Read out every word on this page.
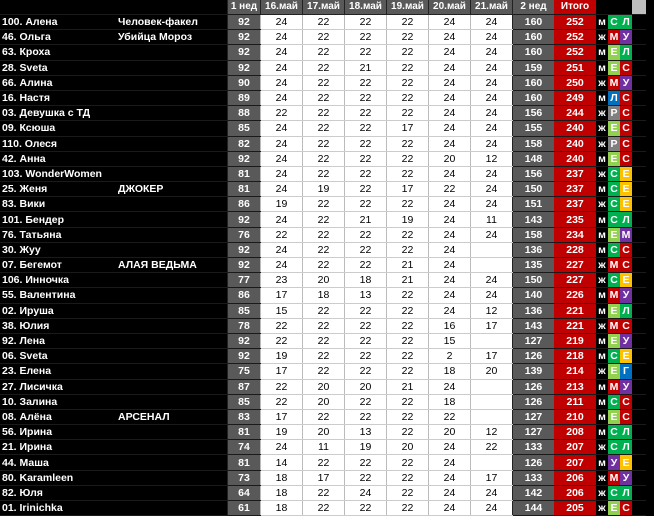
		1 нед	16.май	17.май	18.май	19.май	20.май	21.май	2 нед	Итого				
100. Алена	Человек-факел	92	24	22	22	22	24	24	160	252	м	С	Л	
46. Ольга	Убийца Мороз	92	24	22	22	22	24	24	160	252	ж	М	У	
63. Кроха		92	24	22	22	22	24	24	160	252	м	Е	Л	
28. Sveta		92	24	22	21	22	24	24	159	251	м	Е	С	
66. Алина		90	24	22	22	22	24	24	160	250	ж	М	У	
16. Настя		89	24	22	22	22	24	24	160	249	м	Л	С	
03. Девушка с ТД		88	22	22	22	22	24	24	156	244	ж	Р	С	
09. Ксюша		85	24	22	22	17	24	24	155	240	ж	Е	С	
110. Олеся		82	24	22	22	22	24	24	158	240	ж	Р	С	
42. Анна		92	24	22	22	22	20	12	148	240	м	Е	С	
103. WonderWomen		81	24	22	22	22	24	24	156	237	ж	С	Е	
25. Женя	ДЖОКЕР	81	24	19	22	17	22	24	150	237	м	С	Е	
83. Вики		86	19	22	22	22	24	24	151	237	ж	С	Е	
101. Бендер		92	24	22	21	19	24	11	143	235	м	С	Л	
76. Татьяна		76	22	22	22	22	24	24	158	234	м	Е	М	
30. Жуу		92	24	22	22	22	24		136	228	м	С	С	
07. Бегемот	АЛАЯ ВЕДЬМА	92	24	22	22	21	24		135	227	ж	М	С	
106. Инночка		77	23	20	18	21	24	24	150	227	ж	С	Е	
55. Валентина		86	17	18	13	22	24	24	140	226	м	М	У	
02. Ируша		85	15	22	22	22	24	12	136	221	м	Е	Л	
38. Юлия		78	22	22	22	22	16	17	143	221	ж	М	С	
92. Лена		92	22	22	22	22	15		127	219	м	Е	У	
06. Sveta		92	19	22	22	22	2	17	126	218	м	С	Е	
23. Елена		75	17	22	22	22	18	20	139	214	ж	Е	Г	
27. Лисичка		87	22	20	20	21	24		126	213	м	М	У	
10. Залина		85	22	20	22	22	18		126	211	м	С	С	
08. Алёна	АРСЕНАЛ	83	17	22	22	22	22		127	210	м	Е	С	
56. Ирина		81	19	20	13	22	20	12	127	208	м	С	Л	
21. Ирина		74	24	11	19	20	24	22	133	207	ж	С	Л	
44. Маша		81	14	22	22	22	24		126	207	м	У	Е	
80. Karamleen		73	18	17	22	22	24	17	133	206	ж	М	У	
82. Юля		64	18	22	24	22	24	24	142	206	ж	С	Л	
01. Irinichka		61	18	22	22	22	24	24	144	205	ж	Е	С	
